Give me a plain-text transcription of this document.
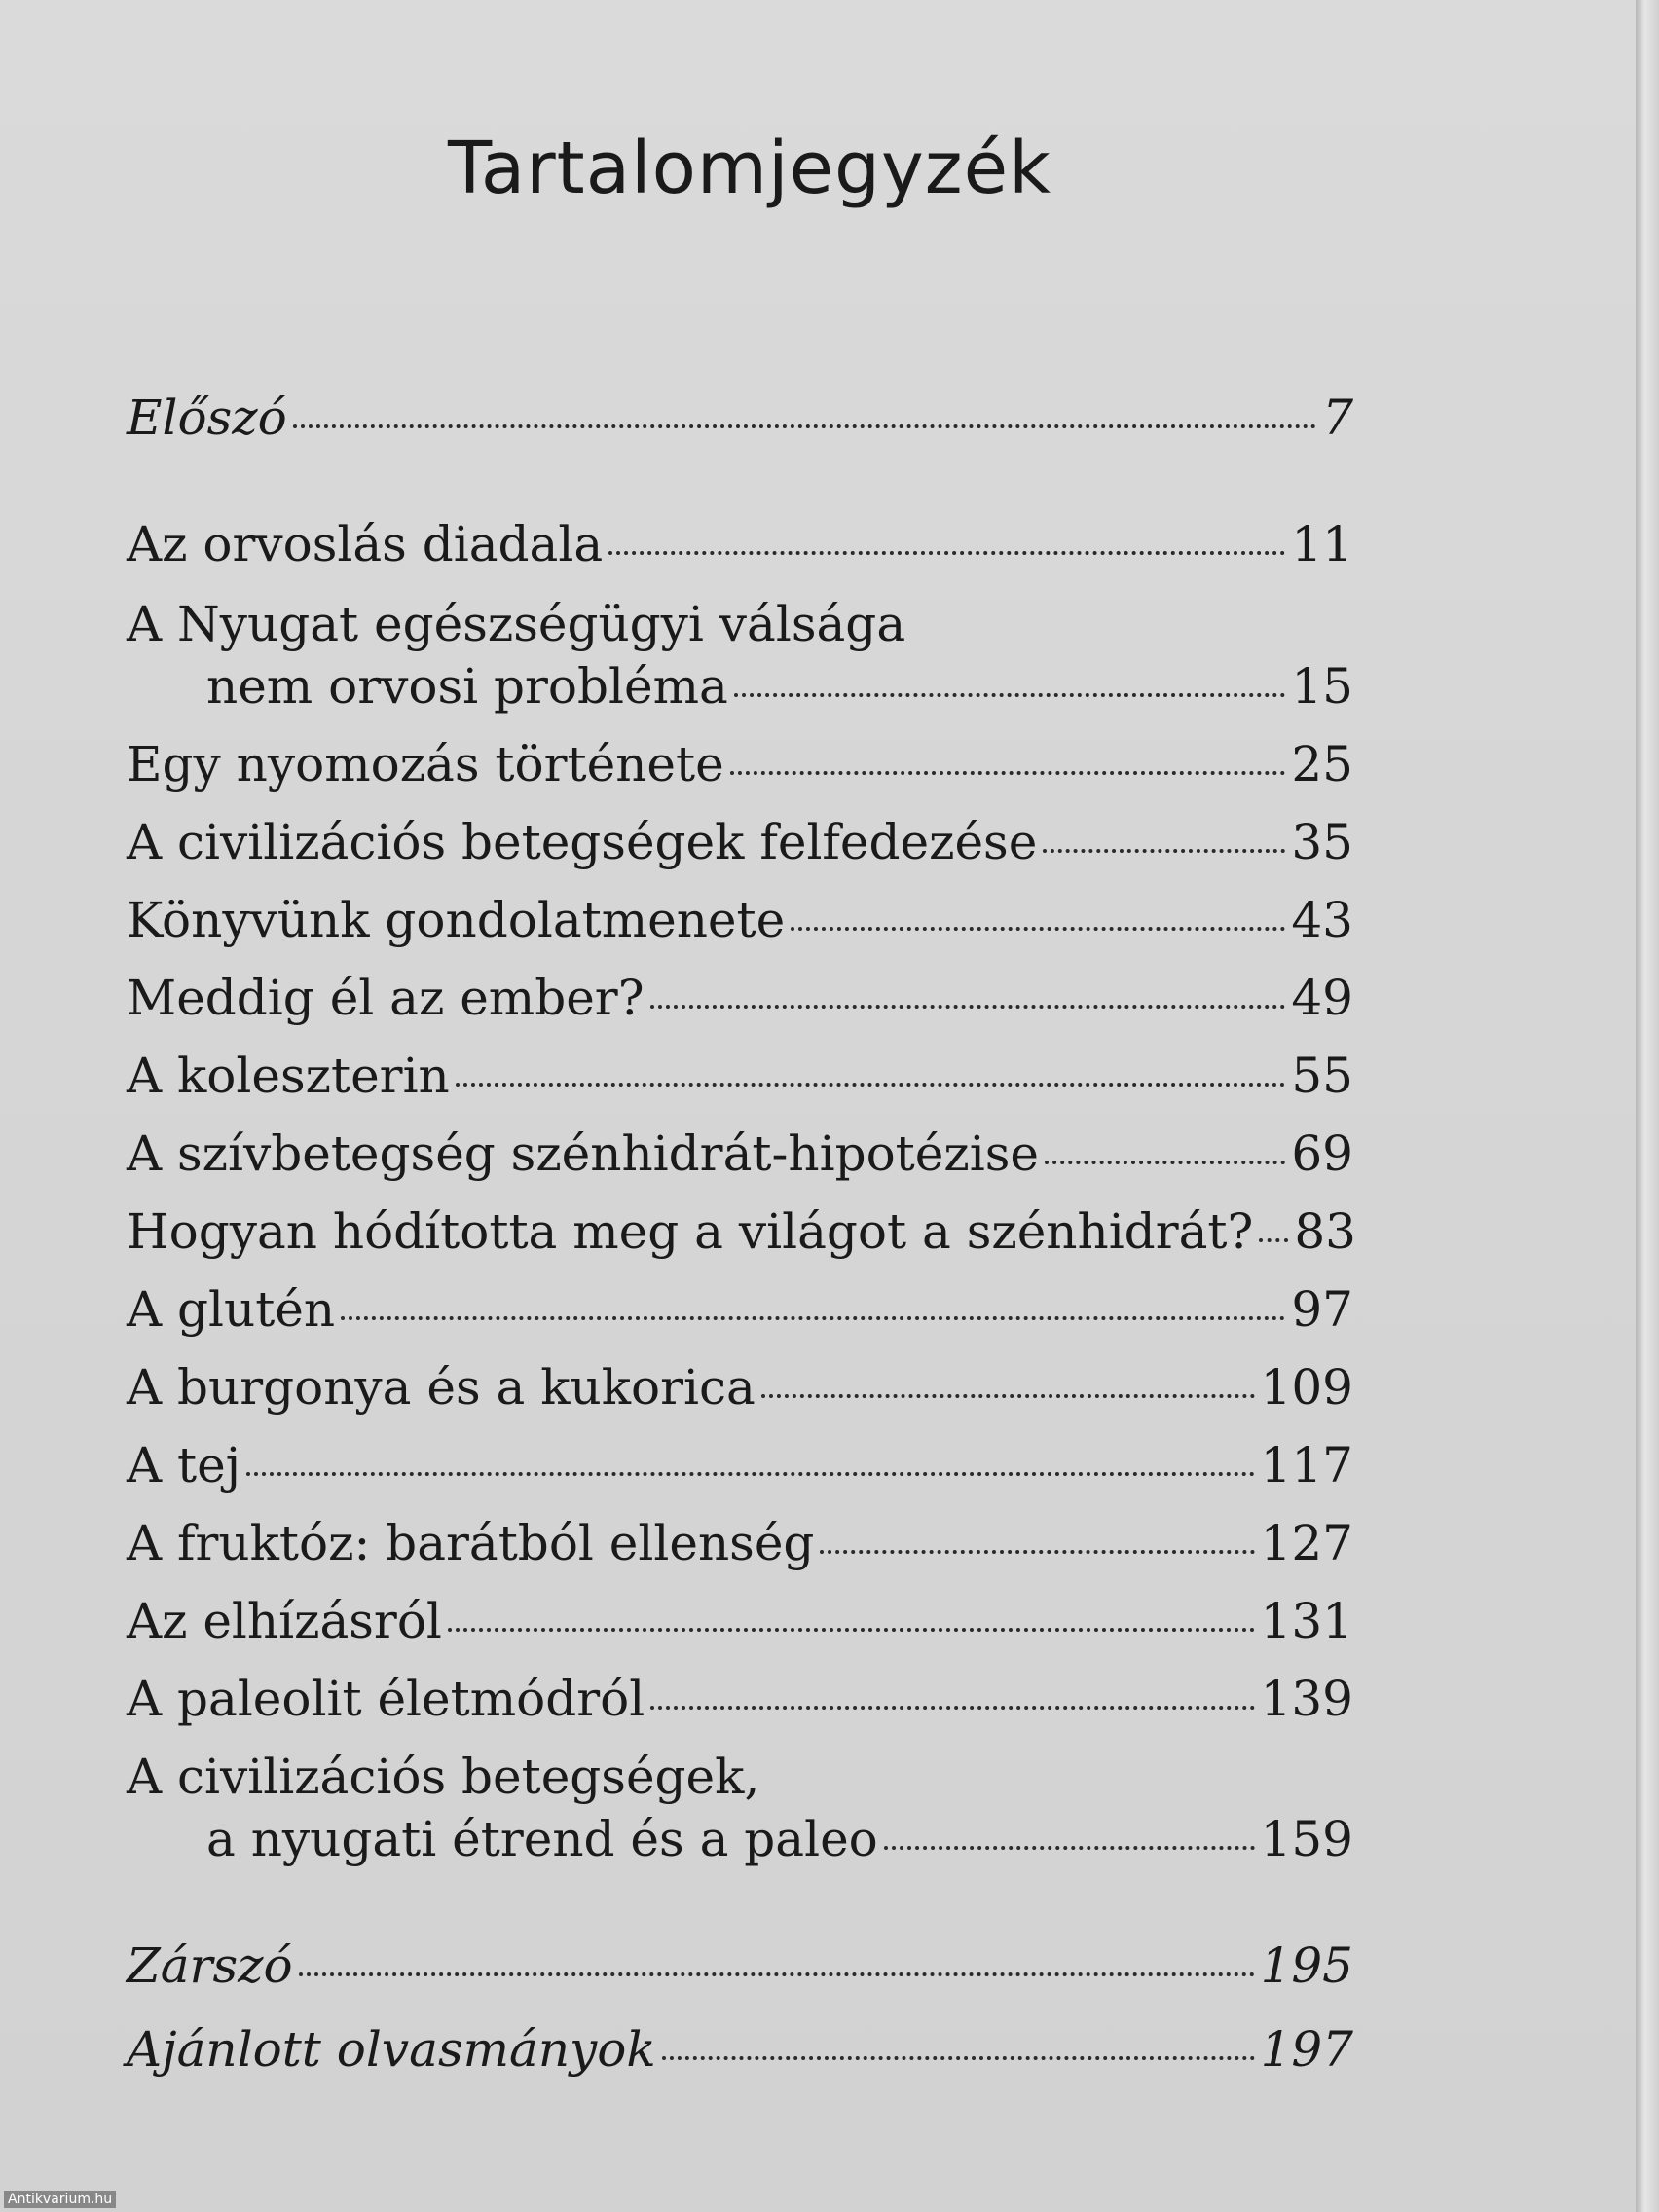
Tartalomjegyzék
Előszó	7
Az orvoslás diadala	11
A Nyugat egészségügyi válsága
nem orvosi probléma	15
Egy nyomozás története	25
A civilizációs betegségek felfedezése	35
Könyvünk gondolatmenete	43
Meddig él az ember?	49
A koleszterin	55
A szívbetegség szénhidrát-hipotézise	69
Hogyan hódította meg a világot a szénhidrát? 83
A glutén	97
A burgonya és a kukorica	109
A tej	117
A fruktóz: barátból ellenség	127
Az elhízásról	131
A paleolit életmódról	139
A civilizációs betegségek,
a nyugati étrend és a paleo	159
Zárszó	195
Ajánlott olvasmányok	197
Antikvarium.hu
